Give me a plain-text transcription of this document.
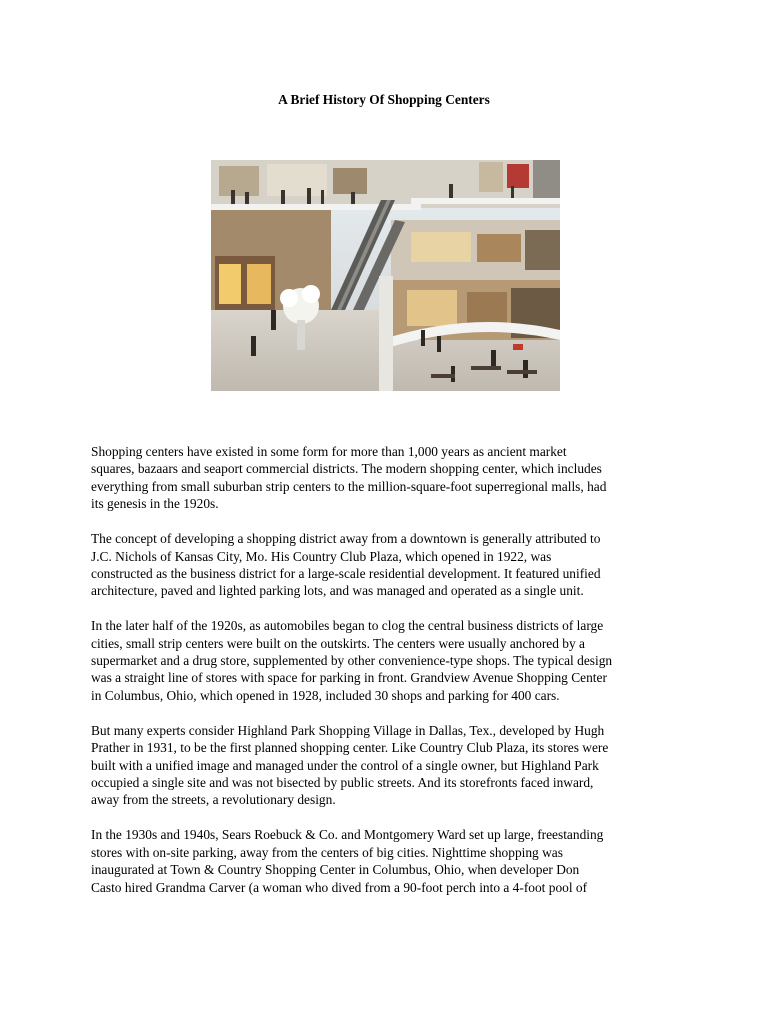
A Brief History Of Shopping Centers

Shopping centers have existed in some form for more than 1,000 years as ancient market
squares, bazaars and seaport commercial districts. The modern shopping center, which includes
everything from small suburban strip centers to the million-square-foot superregional malls, had
its genesis in the 1920s.

The concept of developing a shopping district away from a downtown is generally attributed to
J.C. Nichols of Kansas City, Mo. His Country Club Plaza, which opened in 1922, was
constructed as the business district for a large-scale residential development. It featured unified
architecture, paved and lighted parking lots, and was managed and operated as a single unit.

In the later half of the 1920s, as automobiles began to clog the central business districts of large
cities, small strip centers were built on the outskirts. The centers were usually anchored by a
supermarket and a drug store, supplemented by other convenience-type shops. The typical design
was a straight line of stores with space for parking in front. Grandview Avenue Shopping Center
in Columbus, Ohio, which opened in 1928, included 30 shops and parking for 400 cars.

But many experts consider Highland Park Shopping Village in Dallas, Tex., developed by Hugh
Prather in 1931, to be the first planned shopping center. Like Country Club Plaza, its stores were
built with a unified image and managed under the control of a single owner, but Highland Park
occupied a single site and was not bisected by public streets. And its storefronts faced inward,
away from the streets, a revolutionary design.

In the 1930s and 1940s, Sears Roebuck & Co. and Montgomery Ward set up large, freestanding
stores with on-site parking, away from the centers of big cities. Nighttime shopping was
inaugurated at Town & Country Shopping Center in Columbus, Ohio, when developer Don
Casto hired Grandma Carver (a woman who dived from a 90-foot perch into a 4-foot pool of
